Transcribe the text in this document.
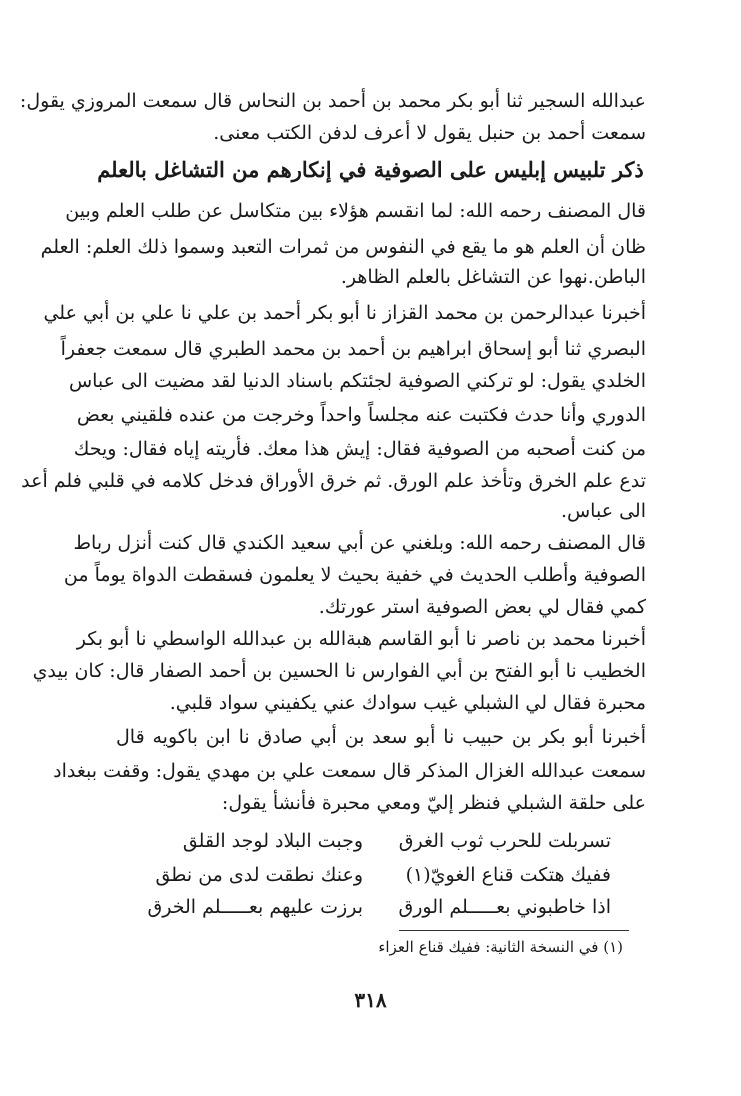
عبدالله السجير ثنا أبو بكر محمد بن أحمد بن النحاس قال سمعت المروزي يقول:
سمعت أحمد بن حنبل يقول لا أعرف لدفن الكتب معنى.
ذكر تلبيس إبليس على الصوفية في إنكارهم من التشاغل بالعلم
قال المصنف رحمه الله: لما انقسم هؤلاء بين متكاسل عن طلب العلم وبين
ظان أن العلم هو ما يقع في النفوس من ثمرات التعبد وسموا ذلك العلم: العلم
الباطن.نهوا عن التشاغل بالعلم الظاهر.
أخبرنا عبدالرحمن بن محمد القزاز نا أبو بكر أحمد بن علي نا علي بن أبي علي
البصري ثنا أبو إسحاق ابراهيم بن أحمد بن محمد الطبري قال سمعت جعفراً
الخلدي يقول: لو تركني الصوفية لجئتكم باسناد الدنيا لقد مضيت الى عباس
الدوري وأنا حدث فكتبت عنه مجلساً واحداً وخرجت من عنده فلقيني بعض
من كنت أصحبه من الصوفية فقال: إيش هذا معك. فأريته إياه فقال: ويحك
تدع علم الخرق وتأخذ علم الورق. ثم خرق الأوراق فدخل كلامه في قلبي فلم أعد
الى عباس.
قال المصنف رحمه الله: وبلغني عن أبي سعيد الكندي قال كنت أنزل رباط
الصوفية وأطلب الحديث في خفية بحيث لا يعلمون فسقطت الدواة يوماً من
كمي فقال لي بعض الصوفية استر عورتك.
أخبرنا محمد بن ناصر نا أبو القاسم هبةالله بن عبدالله الواسطي نا أبو بكر
الخطيب نا أبو الفتح بن أبي الفوارس نا الحسين بن أحمد الصفار قال: كان بيدي
محبرة فقال لي الشبلي غيب سوادك عني يكفيني سواد قلبي.
أخبرنا أبو بكر بن حبيب نا أبو سعد بن أبي صادق نا ابن باكويه قال
سمعت عبدالله الغزال المذكر قال سمعت علي بن مهدي يقول: وقفت ببغداد
على حلقة الشبلي فنظر إليّ ومعي محبرة فأنشأ يقول:
تسربلت للحرب ثوب الغرق
وجبت البلاد لوجد القلق
ففيك هتكت قناع الغويّ(١)
وعنك نطقت لدى من نطق
اذا خاطبوني بعـــــلم الورق
برزت عليهم بعـــــلم الخرق
(١) في النسخة الثانية: ففيك قناع العزاء
٣١٨
